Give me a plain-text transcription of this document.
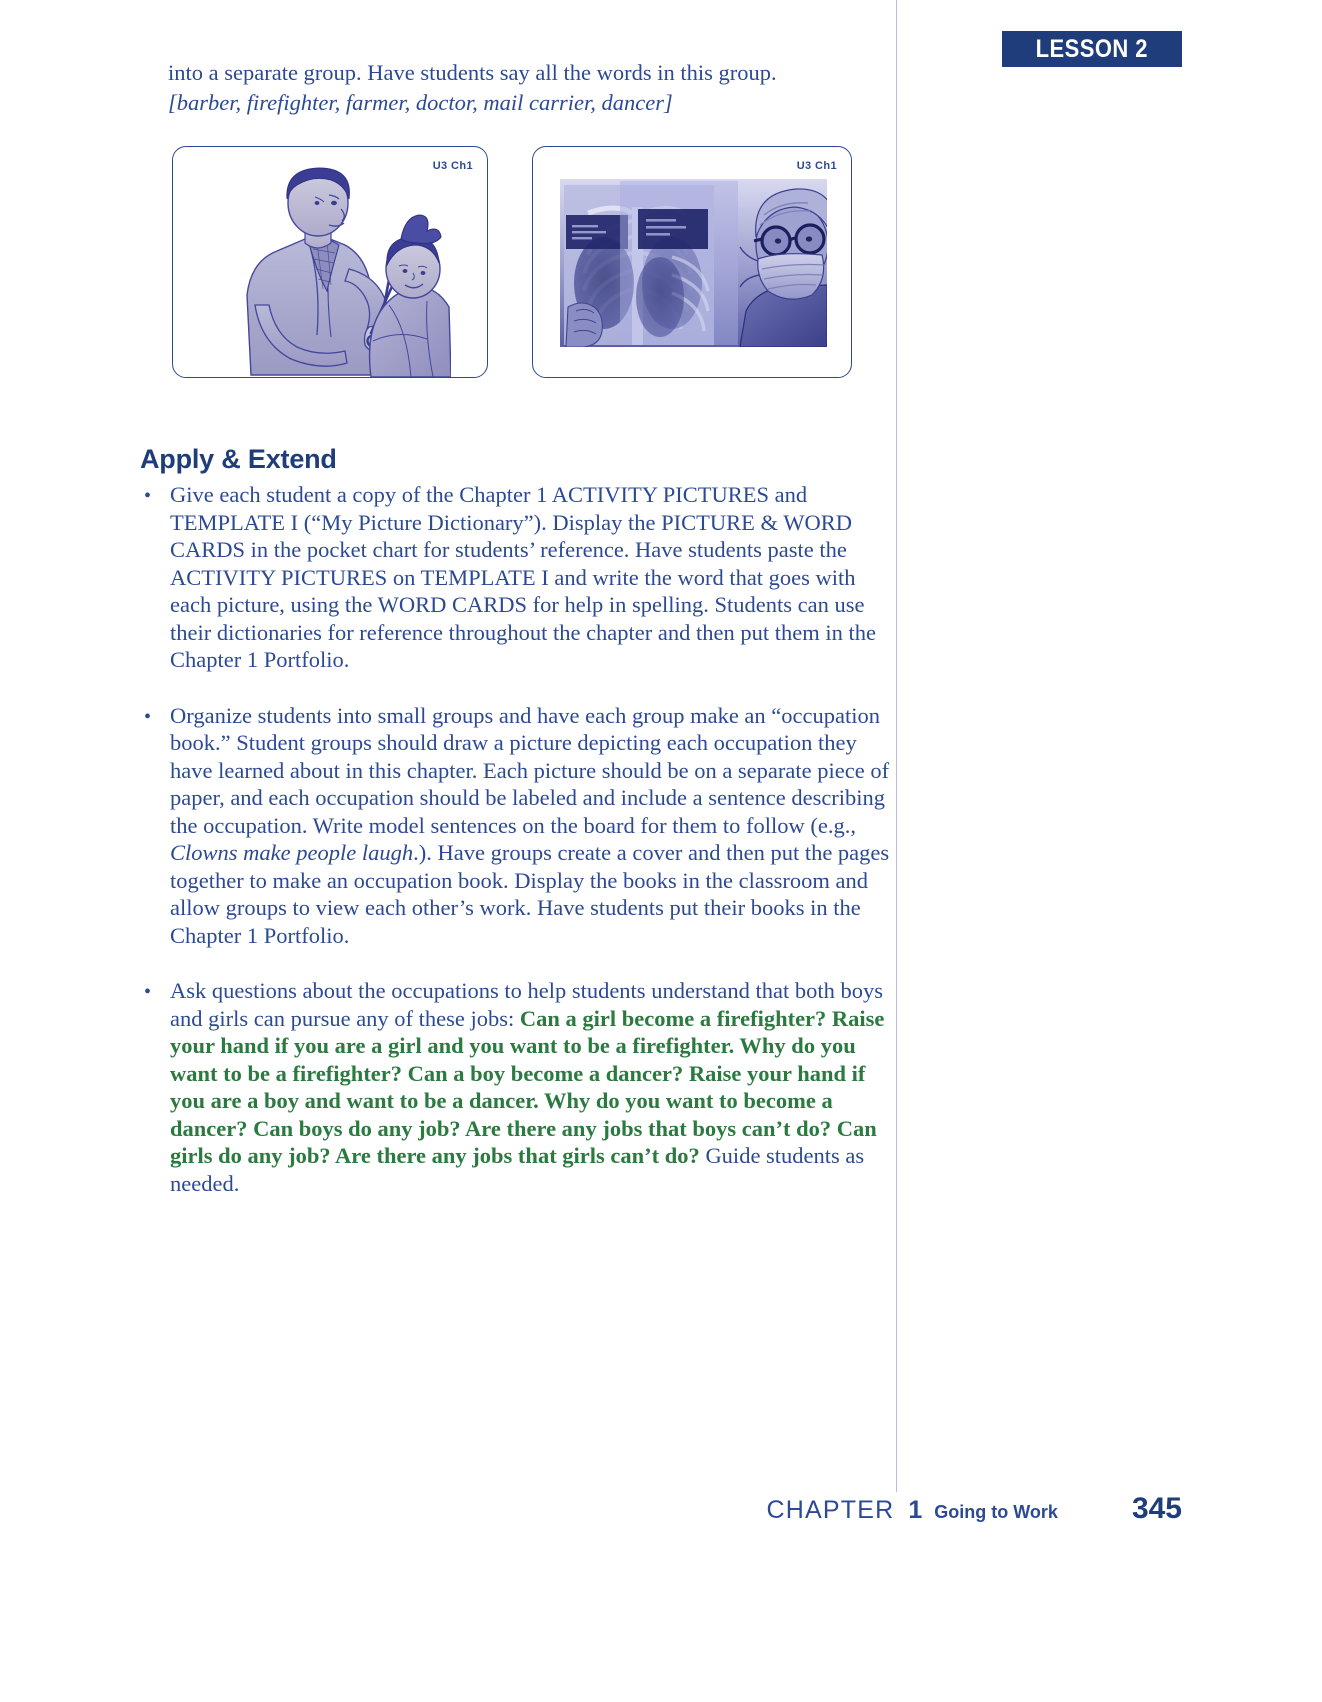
LESSON 2

into a separate group. Have students say all the words in this group.
[barber, firefighter, farmer, doctor, mail carrier, dancer]

U3 Ch1	U3 Ch1
Apply & Extend
• Give each student a copy of the Chapter 1 ACTIVITY PICTURES and TEMPLATE I (“My Picture Dictionary”). Display the PICTURE & WORD CARDS in the pocket chart for students’ reference. Have students paste the ACTIVITY PICTURES on TEMPLATE I and write the word that goes with each picture, using the WORD CARDS for help in spelling. Students can use their dictionaries for reference throughout the chapter and then put them in the Chapter 1 Portfolio.
• Organize students into small groups and have each group make an “occupation book.” Student groups should draw a picture depicting each occupation they have learned about in this chapter. Each picture should be on a separate piece of paper, and each occupation should be labeled and include a sentence describing the occupation. Write model sentences on the board for them to follow (e.g., Clowns make people laugh.). Have groups create a cover and then put the pages together to make an occupation book. Display the books in the classroom and allow groups to view each other’s work. Have students put their books in the Chapter 1 Portfolio.
• Ask questions about the occupations to help students understand that both boys and girls can pursue any of these jobs: Can a girl become a firefighter? Raise your hand if you are a girl and you want to be a firefighter. Why do you want to be a firefighter? Can a boy become a dancer? Raise your hand if you are a boy and want to be a dancer. Why do you want to become a dancer? Can boys do any job? Are there any jobs that boys can’t do? Can girls do any job? Are there any jobs that girls can’t do? Guide students as needed.
CHAPTER 1 Going to Work 345
